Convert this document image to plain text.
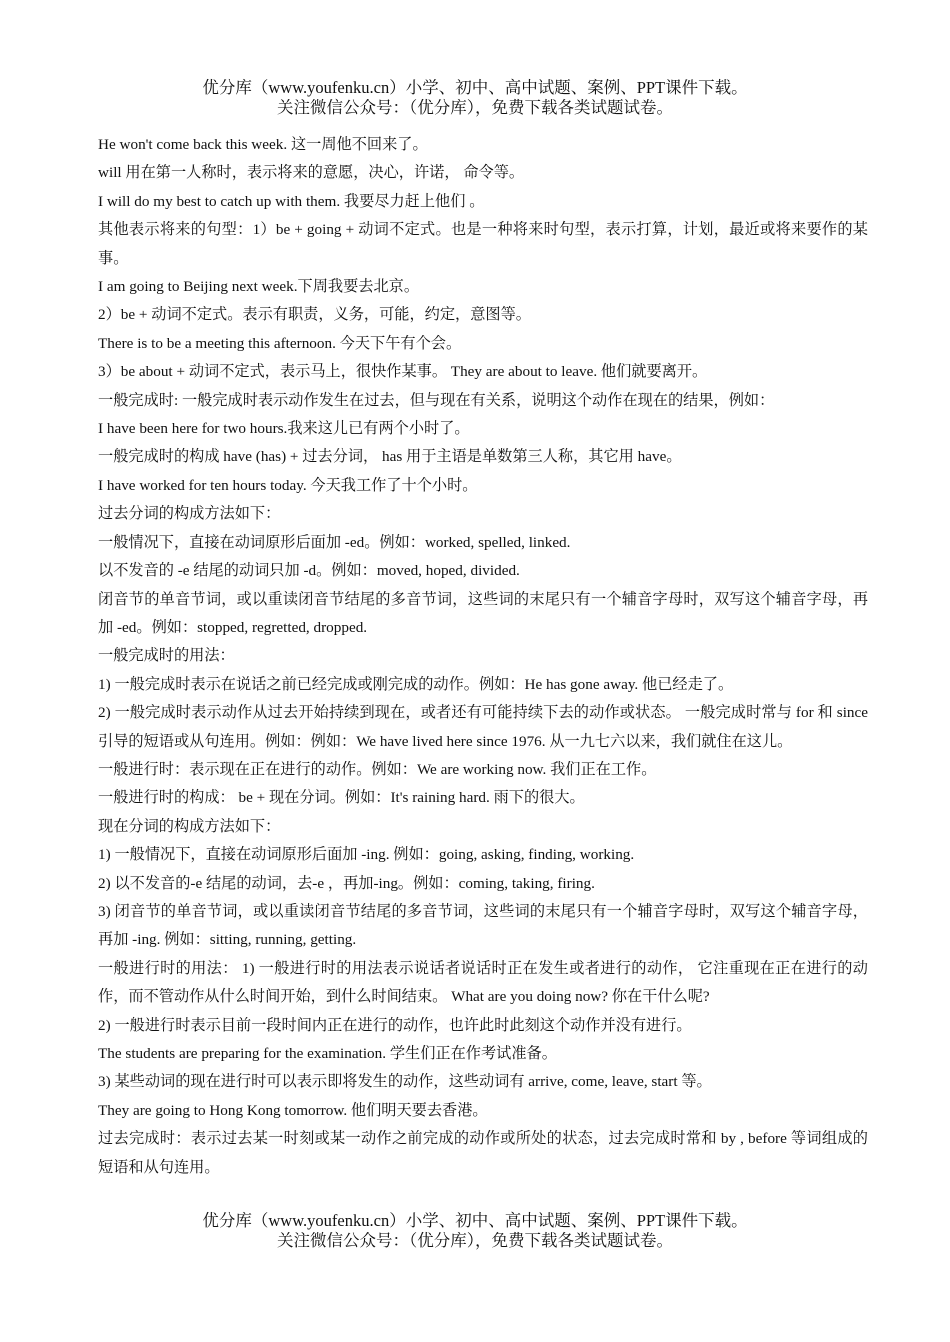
优分库（www.youfenku.cn）小学、初中、高中试题、案例、PPT课件下载。
关注微信公众号：（优分库），免费下载各类试题试卷。

He won't come back this week. 这一周他不回来了。

will 用在第一人称时，表示将来的意愿，决心，许诺， 命令等。

I will do my best to catch up with them. 我要尽力赶上他们 。

其他表示将来的句型：1）be + going + 动词不定式。也是一种将来时句型，表示打算，计划，最近或将来要作的某事。

I am going to Beijing next week.下周我要去北京。

2）be + 动词不定式。表示有职责，义务，可能，约定，意图等。

There is to be a meeting this afternoon. 今天下午有个会。

3）be about + 动词不定式，表示马上，很快作某事。 They are about to leave. 他们就要离开。

一般完成时: 一般完成时表示动作发生在过去，但与现在有关系，说明这个动作在现在的结果，例如：

I have been here for two hours.我来这儿已有两个小时了。

一般完成时的构成 have (has) + 过去分词， has 用于主语是单数第三人称，其它用 have。

I have worked for ten hours today. 今天我工作了十个小时。

过去分词的构成方法如下：

一般情况下，直接在动词原形后面加 -ed。例如：worked, spelled, linked.

以不发音的 -e 结尾的动词只加 -d。例如：moved, hoped, divided.

闭音节的单音节词，或以重读闭音节结尾的多音节词，这些词的末尾只有一个辅音字母时，双写这个辅音字母，再加 -ed。例如：stopped, regretted, dropped.

一般完成时的用法：

1) 一般完成时表示在说话之前已经完成或刚完成的动作。例如：He has gone away. 他已经走了。

2) 一般完成时表示动作从过去开始持续到现在，或者还有可能持续下去的动作或状态。 一般完成时常与 for 和 since 引导的短语或从句连用。例如：例如：We have lived here since 1976. 从一九七六以来，我们就住在这儿。

一般进行时：表示现在正在进行的动作。例如：We are working now. 我们正在工作。

一般进行时的构成： be + 现在分词。例如：It's raining hard. 雨下的很大。

现在分词的构成方法如下：

1) 一般情况下，直接在动词原形后面加 -ing. 例如：going, asking, finding, working.

2) 以不发音的-e 结尾的动词，去-e ，再加-ing。例如：coming, taking, firing.

3) 闭音节的单音节词，或以重读闭音节结尾的多音节词，这些词的末尾只有一个辅音字母时，双写这个辅音字母，再加 -ing. 例如：sitting, running, getting.

一般进行时的用法： 1) 一般进行时的用法表示说话者说话时正在发生或者进行的动作， 它注重现在正在进行的动作，而不管动作从什么时间开始，到什么时间结束。 What are you doing now? 你在干什么呢?

2) 一般进行时表示目前一段时间内正在进行的动作，也许此时此刻这个动作并没有进行。

The students are preparing for the examination. 学生们正在作考试准备。

3) 某些动词的现在进行时可以表示即将发生的动作，这些动词有 arrive, come, leave, start 等。

They are going to Hong Kong tomorrow. 他们明天要去香港。

过去完成时：表示过去某一时刻或某一动作之前完成的动作或所处的状态，过去完成时常和 by , before 等词组成的短语和从句连用。

优分库（www.youfenku.cn）小学、初中、高中试题、案例、PPT课件下载。
关注微信公众号：（优分库），免费下载各类试题试卷。
